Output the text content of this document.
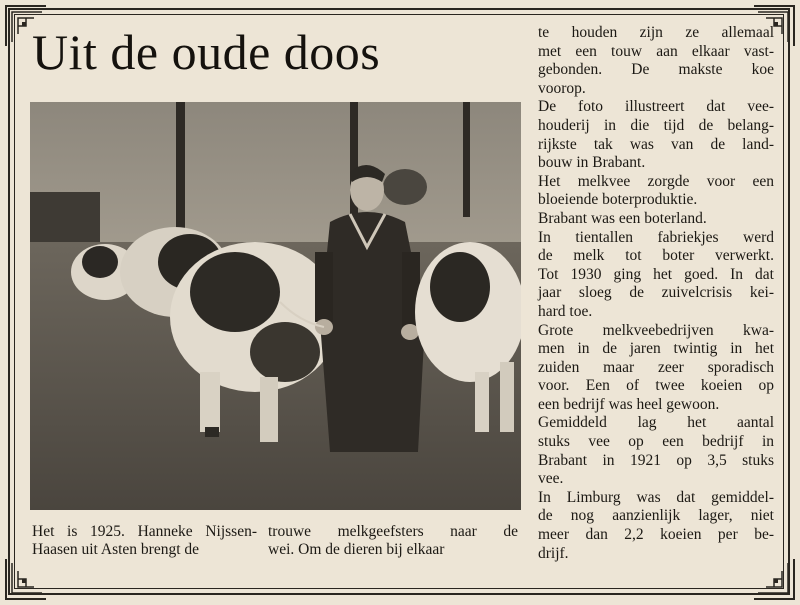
Uit de oude doos
Het is 1925. Hanneke Nijssen-
Haasen uit Asten brengt de
trouwe melkgeefsters naar de
wei. Om de dieren bij elkaar
te houden zijn ze allemaal
met een touw aan elkaar vast-
gebonden. De makste koe
voorop.
De foto illustreert dat vee-
houderij in die tijd de belang-
rijkste tak was van de land-
bouw in Brabant.
Het melkvee zorgde voor een
bloeiende boterproduktie.
Brabant was een boterland.
In tientallen fabriekjes werd
de melk tot boter verwerkt.
Tot 1930 ging het goed. In dat
jaar sloeg de zuivelcrisis kei-
hard toe.
Grote melkveebedrijven kwa-
men in de jaren twintig in het
zuiden maar zeer sporadisch
voor. Een of twee koeien op
een bedrijf was heel gewoon.
Gemiddeld lag het aantal
stuks vee op een bedrijf in
Brabant in 1921 op 3,5 stuks
vee.
In Limburg was dat gemiddel-
de nog aanzienlijk lager, niet
meer dan 2,2 koeien per be-
drijf.
